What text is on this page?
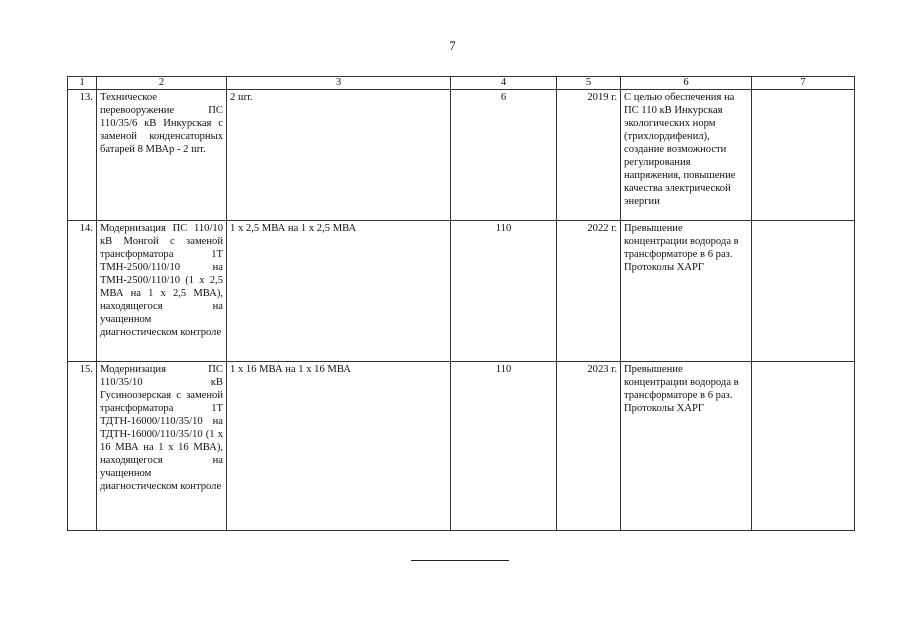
7
1	2	3	4	5	6	7
13.	Техническое перевооружение ПС 110/35/6 кВ Инкурская с заменой конденсаторных батарей 8 МВАр - 2 шт.	2 шт.	6	2019 г.	С целью обеспечения на ПС 110 кВ Инкурская экологических норм (трихлордифенил), создание возможности регулирования напряжения, повышение качества электрической энергии	
14.	Модернизация ПС 110/10 кВ Монгой с заменой трансформатора 1Т ТМН-2500/110/10 на ТМН-2500/110/10 (1 х 2,5 МВА на 1 х 2,5 МВА), находящегося на учащенном диагностическом контроле	1 х 2,5 МВА на 1 х 2,5 МВА	110	2022 г.	Превышение концентрации водорода в трансформаторе в 6 раз. Протоколы ХАРГ	
15.	Модернизация ПС 110/35/10 кВ Гусиноозерская с заменой трансформатора 1Т ТДТН-16000/110/35/10 на ТДТН-16000/110/35/10 (1 х 16 МВА на 1 х 16 МВА), находящегося на учащенном диагностическом контроле	1 х 16 МВА на 1 х 16 МВА	110	2023 г.	Превышение концентрации водорода в трансформаторе в 6 раз. Протоколы ХАРГ	
